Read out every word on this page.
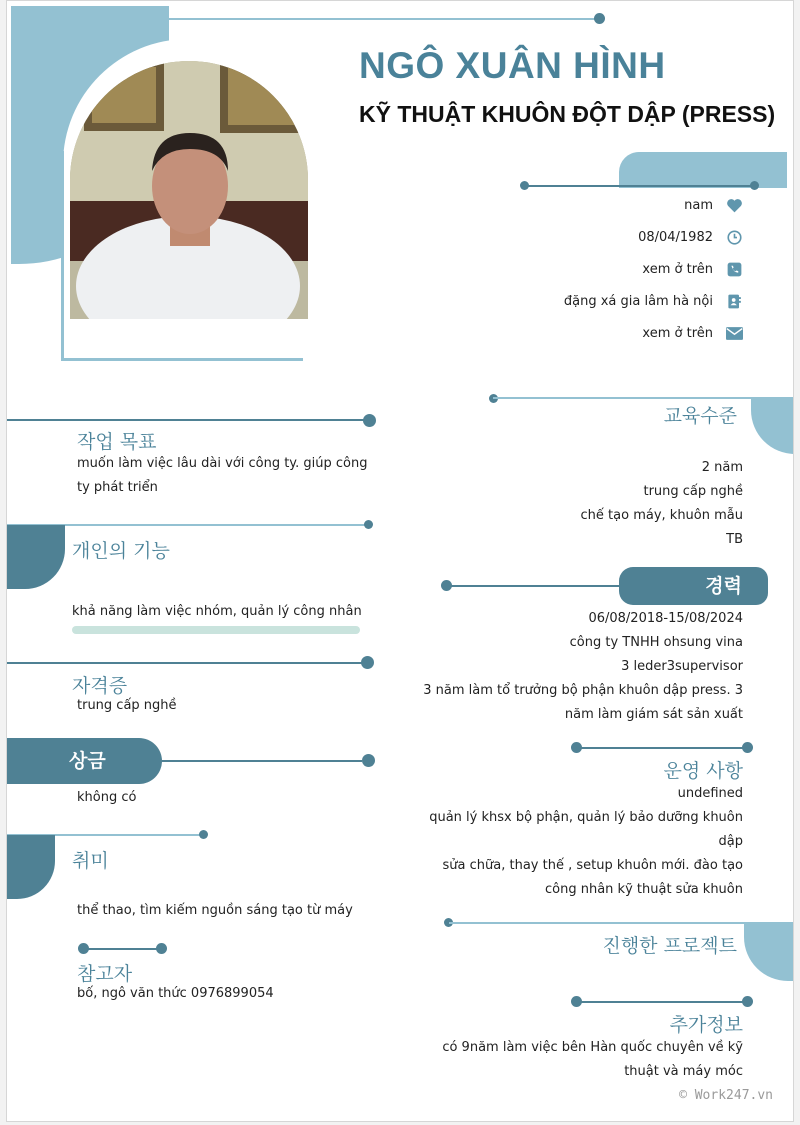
NGÔ XUÂN HÌNH
KỸ THUẬT KHUÔN ĐỘT DẬP (PRESS)
nam
08/04/1982
xem ở trên
đặng xá gia lâm hà nội
xem ở trên
작업 목표
muốn làm việc lâu dài với công ty. giúp công
ty phát triển
개인의 기능
khả năng làm việc nhóm, quản lý công nhân
자격증
trung cấp nghề
상금
không có
취미
thể thao, tìm kiếm nguồn sáng tạo từ máy
참고자
bố, ngô văn thức 0976899054
교육수준
2 năm
trung cấp nghề
chế tạo máy, khuôn mẫu
TB
경력
06/08/2018-15/08/2024
công ty TNHH ohsung vina
3 leder3supervisor
3 năm làm tổ trưởng bộ phận khuôn dập press. 3
năm làm giám sát sản xuất
운영 사항
undefined
quản lý khsx bộ phận, quản lý bảo dưỡng khuôn
dập
sửa chữa, thay thế , setup khuôn mới. đào tạo
công nhân kỹ thuật sửa khuôn
진행한 프로젝트
추가정보
có 9năm làm việc bên Hàn quốc chuyên về kỹ
thuật và máy móc
© Work247.vn
